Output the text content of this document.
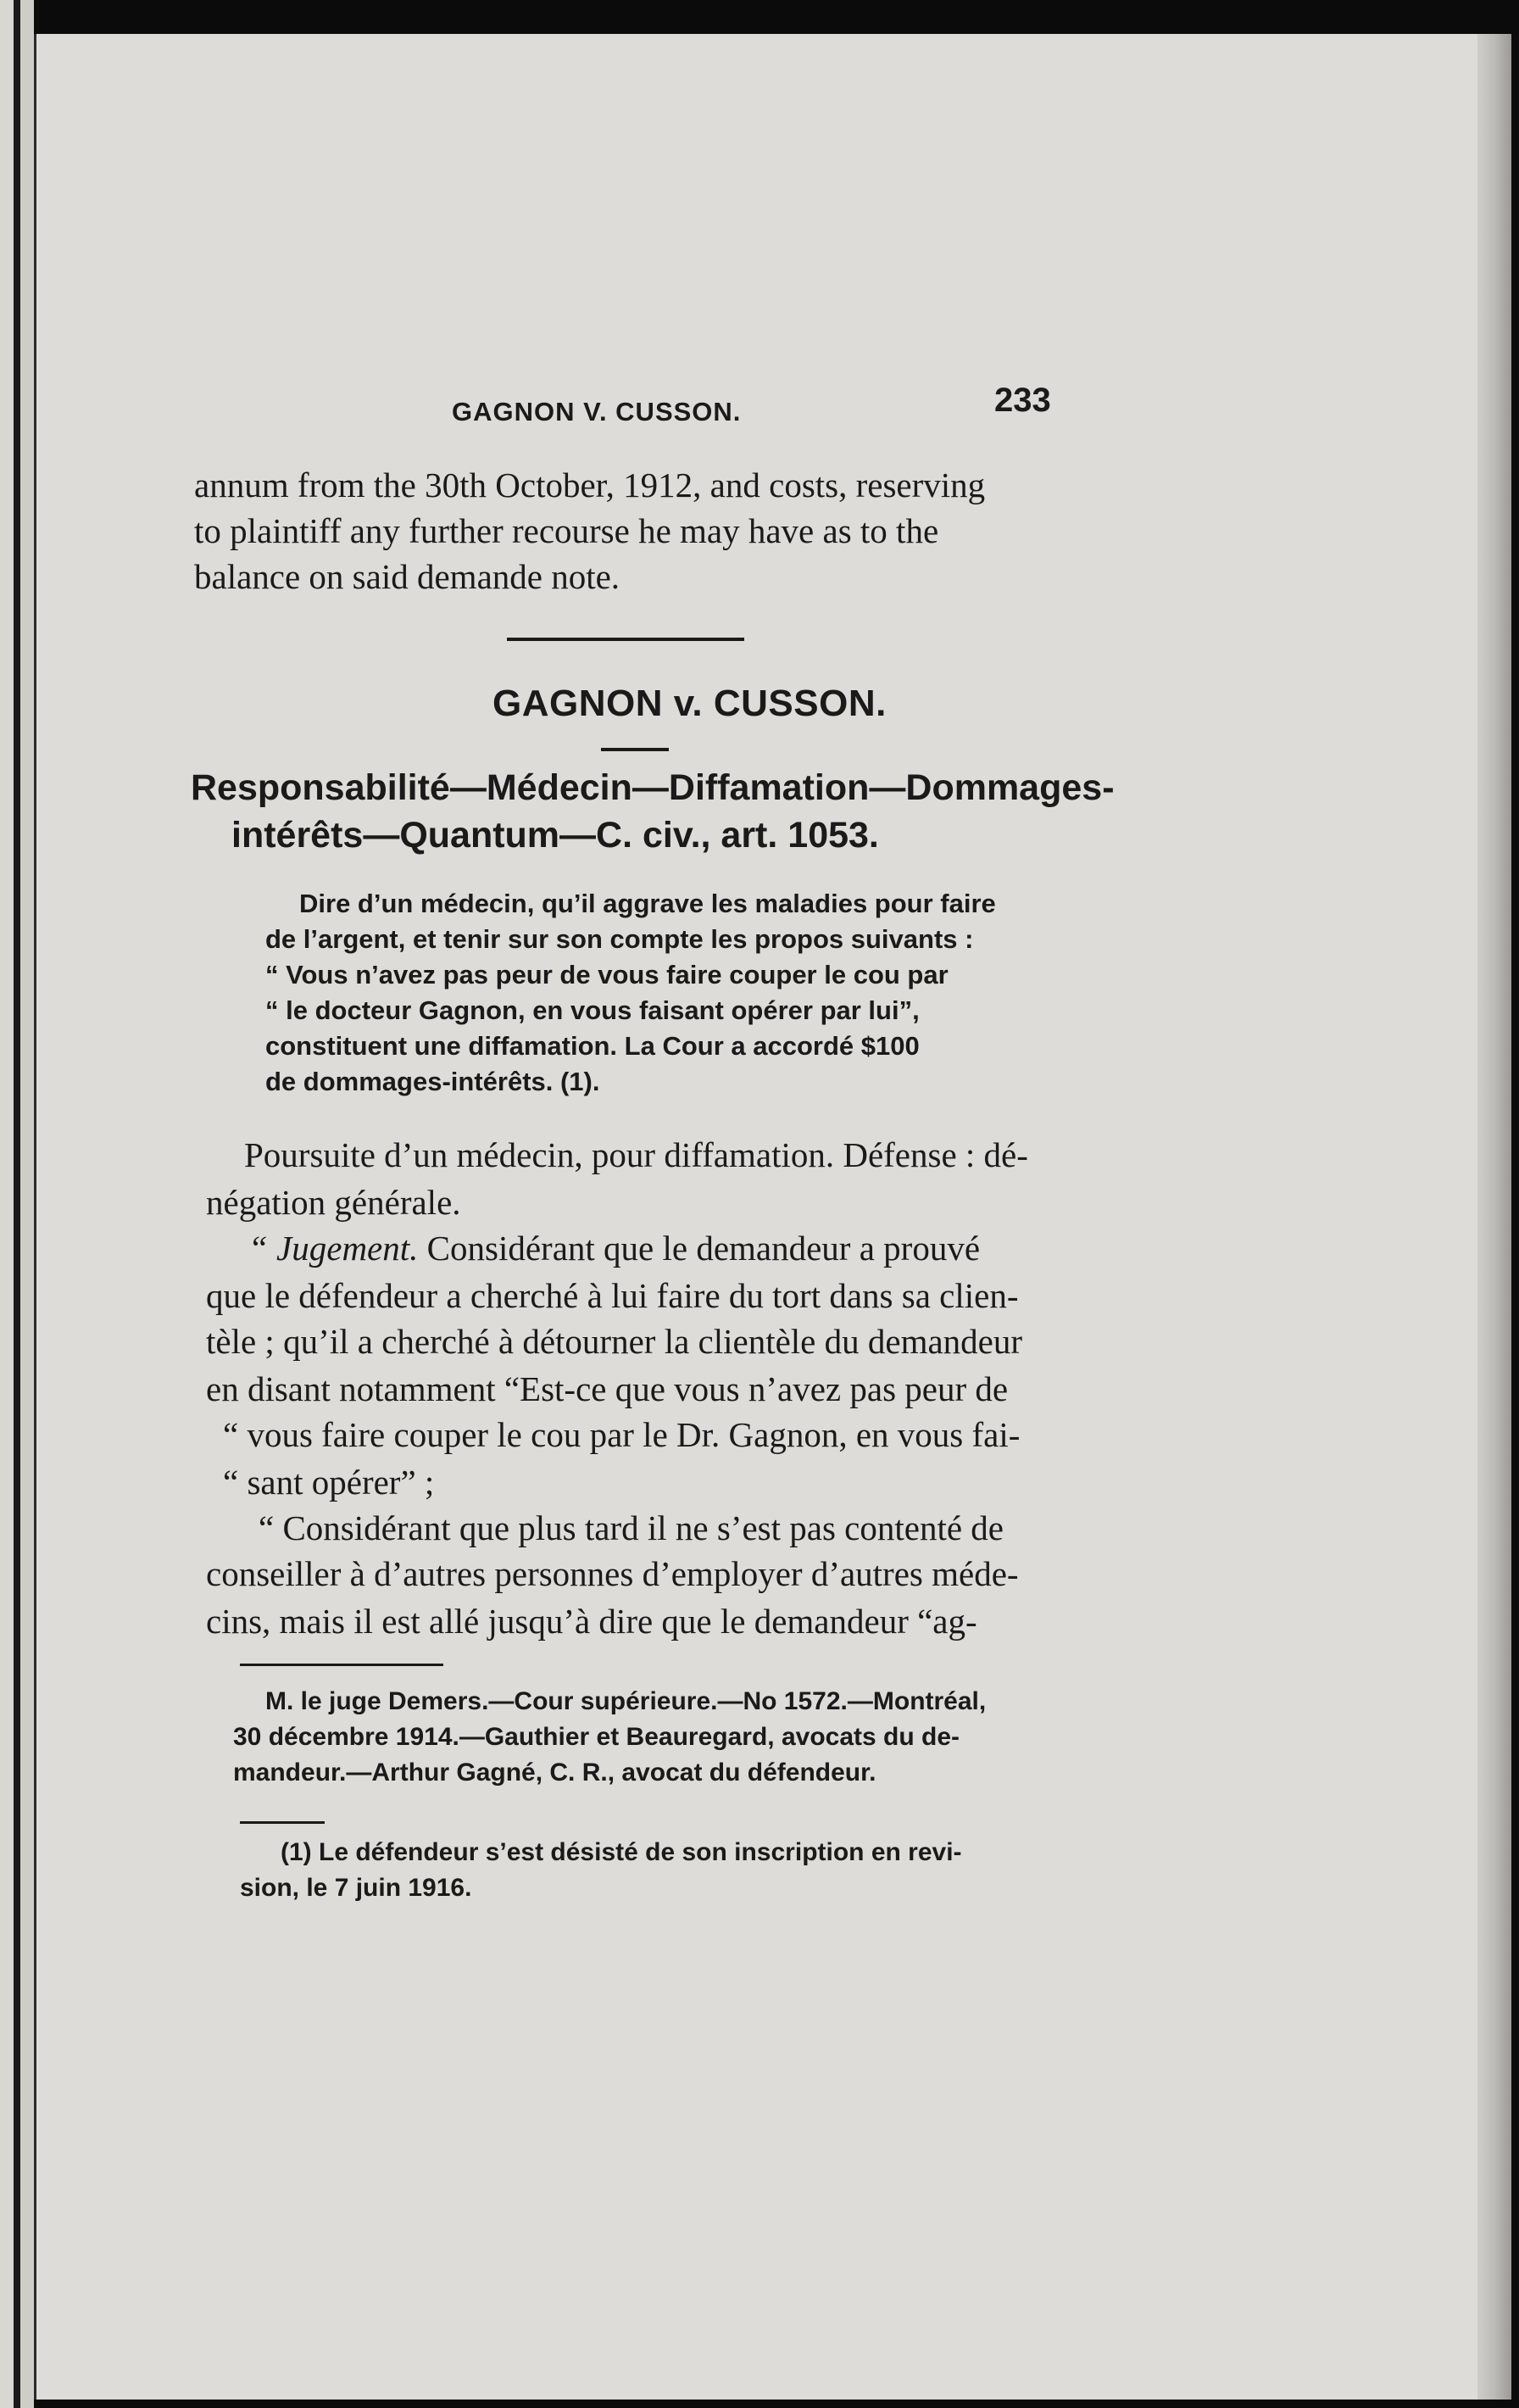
GAGNON V. CUSSON.	233

annum from the 30th October, 1912, and costs, reserving

to plaintiff any further recourse he may have as to the

balance on said demande note.

GAGNON v. CUSSON.

Responsabilité—Médecin—Diffamation—Dommages-

intérêts—Quantum—C. civ., art. 1053.

Dire d’un médecin, qu’il aggrave les maladies pour faire

de l’argent, et tenir sur son compte les propos suivants :

“ Vous n’avez pas peur de vous faire couper le cou par

“ le docteur Gagnon, en vous faisant opérer par lui”,

constituent une diffamation. La Cour a accordé $100

de dommages-intérêts. (1).

Poursuite d’un médecin, pour diffamation. Défense : dé-

négation générale.

“ Jugement. Considérant que le demandeur a prouvé

que le défendeur a cherché à lui faire du tort dans sa clien-

tèle ; qu’il a cherché à détourner la clientèle du demandeur

en disant notamment “Est-ce que vous n’avez pas peur de

“ vous faire couper le cou par le Dr. Gagnon, en vous fai-

“ sant opérer” ;

“ Considérant que plus tard il ne s’est pas contenté de

conseiller à d’autres personnes d’employer d’autres méde-

cins, mais il est allé jusqu’à dire que le demandeur “ag-

M. le juge Demers.—Cour supérieure.—No 1572.—Montréal,

30 décembre 1914.—Gauthier et Beauregard, avocats du de-

mandeur.—Arthur Gagné, C. R., avocat du défendeur.

(1) Le défendeur s’est désisté de son inscription en revi-

sion, le 7 juin 1916.
